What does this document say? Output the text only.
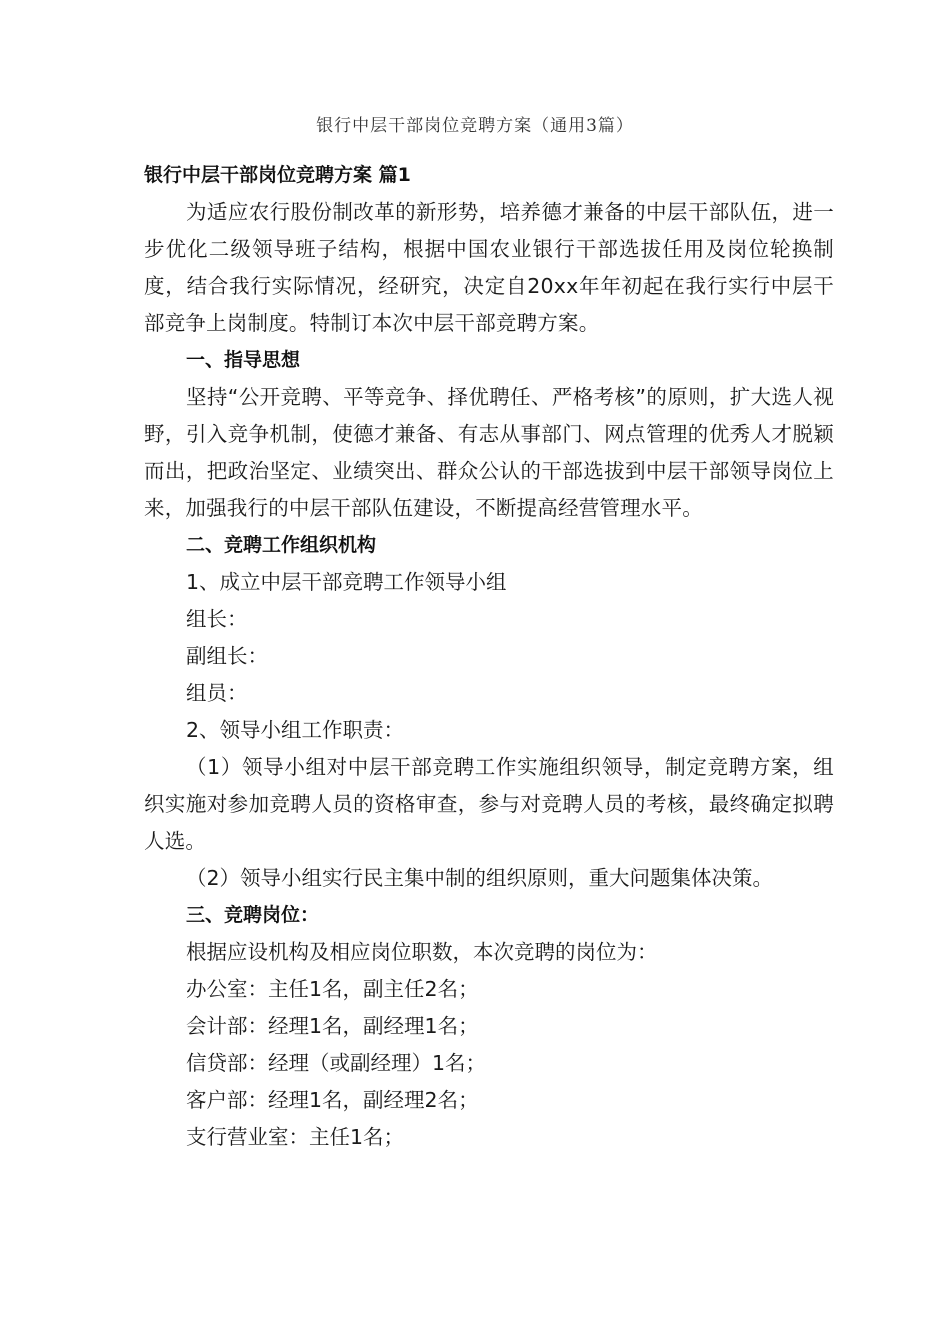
银行中层干部岗位竞聘方案（通用3篇）

银行中层干部岗位竞聘方案 篇1

为适应农行股份制改革的新形势，培养德才兼备的中层干部队伍，进一步优化二级领导班子结构，根据中国农业银行干部选拔任用及岗位轮换制度，结合我行实际情况，经研究，决定自20xx年年初起在我行实行中层干部竞争上岗制度。特制订本次中层干部竞聘方案。

一、指导思想

坚持“公开竞聘、平等竞争、择优聘任、严格考核”的原则，扩大选人视野，引入竞争机制，使德才兼备、有志从事部门、网点管理的优秀人才脱颖而出，把政治坚定、业绩突出、群众公认的干部选拔到中层干部领导岗位上来，加强我行的中层干部队伍建设，不断提高经营管理水平。

二、竞聘工作组织机构

1、成立中层干部竞聘工作领导小组

组长：

副组长：

组员：

2、领导小组工作职责：

（1）领导小组对中层干部竞聘工作实施组织领导，制定竞聘方案，组织实施对参加竞聘人员的资格审查，参与对竞聘人员的考核，最终确定拟聘人选。

（2）领导小组实行民主集中制的组织原则，重大问题集体决策。

三、竞聘岗位：

根据应设机构及相应岗位职数，本次竞聘的岗位为：

办公室：主任1名，副主任2名；

会计部：经理1名，副经理1名；

信贷部：经理（或副经理）1名；

客户部：经理1名，副经理2名；

支行营业室：主任1名；
